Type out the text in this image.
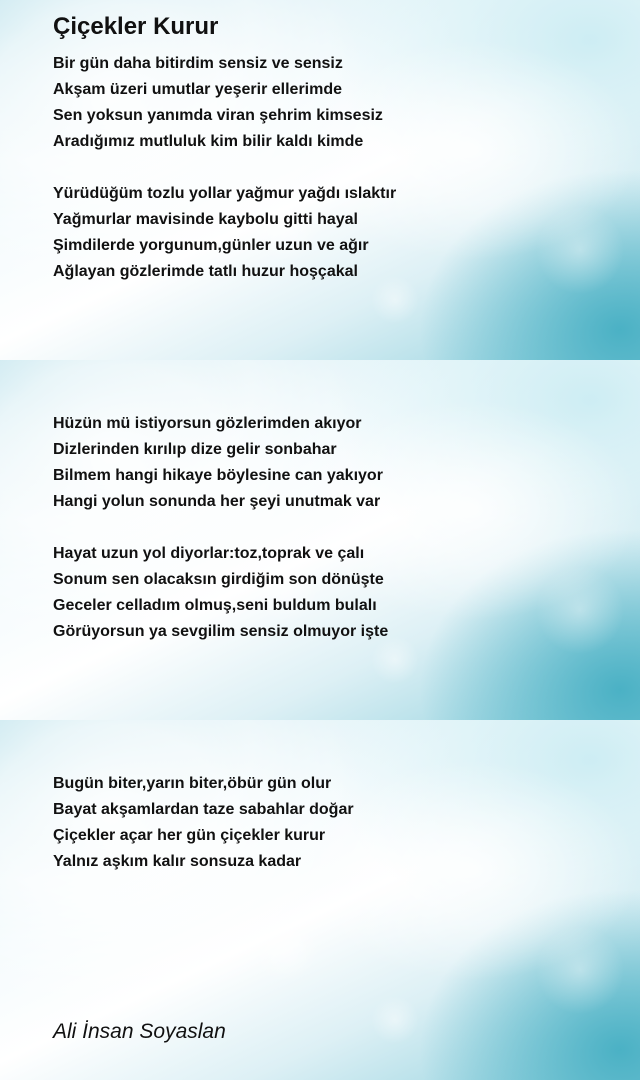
Çiçekler Kurur
Bir gün daha bitirdim sensiz ve sensiz
Akşam üzeri umutlar yeşerir ellerimde
Sen yoksun yanımda viran şehrim kimsesiz
Aradığımız mutluluk kim bilir kaldı kimde
Yürüdüğüm tozlu yollar yağmur yağdı ıslaktır
Yağmurlar mavisinde kaybolu gitti hayal
Şimdilerde yorgunum,günler uzun ve ağır
Ağlayan gözlerimde tatlı huzur hoşçakal
Hüzün mü istiyorsun gözlerimden akıyor
Dizlerinden kırılıp dize gelir sonbahar
Bilmem hangi hikaye böylesine can yakıyor
Hangi yolun sonunda her şeyi unutmak var
Hayat uzun yol diyorlar:toz,toprak ve çalı
Sonum sen olacaksın girdiğim son dönüşte
Geceler celladım olmuş,seni buldum bulalı
Görüyorsun ya sevgilim sensiz olmuyor işte
Bugün biter,yarın biter,öbür gün olur
Bayat akşamlardan taze sabahlar doğar
Çiçekler açar her gün çiçekler kurur
Yalnız aşkım kalır sonsuza kadar
Ali İnsan Soyaslan
